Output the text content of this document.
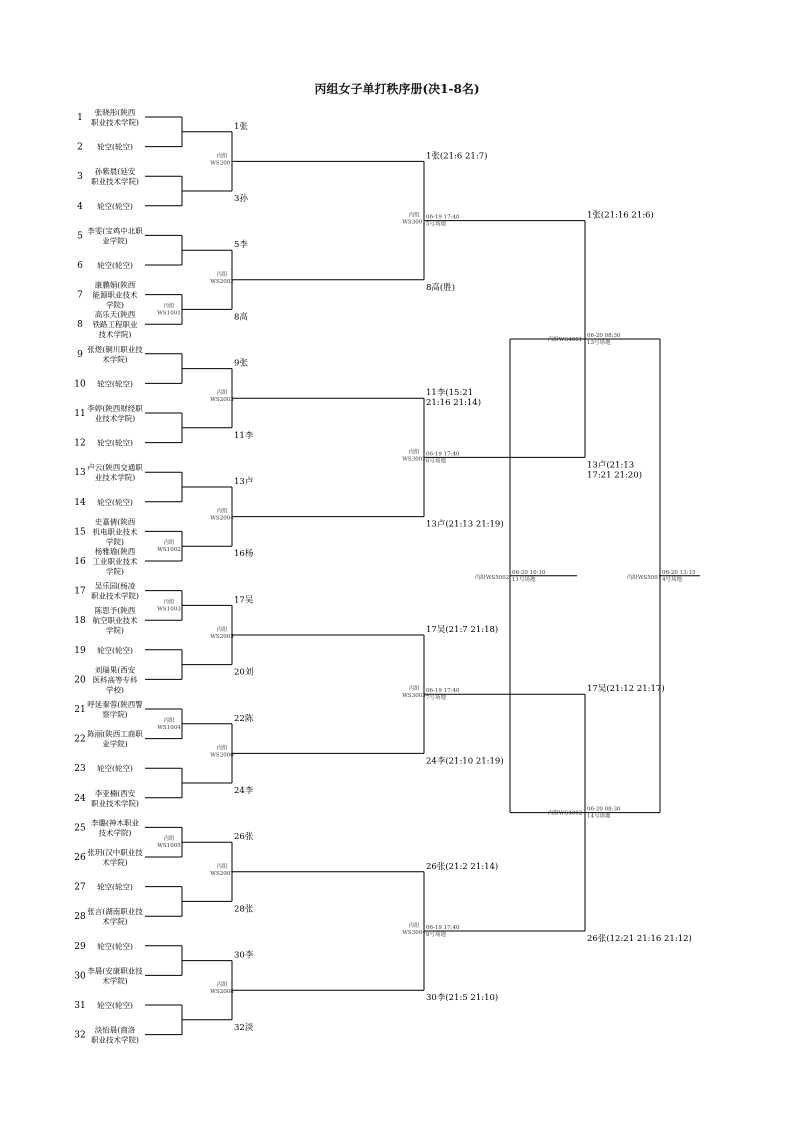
丙组女子单打秩序册(决1-8名)
1
张晓彤(陕西
职业技术学院)
2 轮空(轮空)
3
孙紫晨(延安
职业技术学院)
4 轮空(轮空)
5
李雯(宝鸡中北职
业学院)
6 轮空(轮空)
7
康鹏娟(陕西
能源职业技术
学院)
8
高乐天(陕西
铁路工程职业
技术学院)
9
张煜(铜川职业技
术学院)
10 轮空(轮空)
11
李婷(陕西财经职
业技术学院)
12 轮空(轮空)
13
卢云(陕西交通职
业技术学院)
14 轮空(轮空)
15
史嘉倩(陕西
机电职业技术
学院)
16
杨雅瑜(陕西
工业职业技术
学院)
17
吴乐园(杨凌
职业技术学院)
18
陈思予(陕西
航空职业技术
学院)
19 轮空(轮空)
20
刘瑞果(西安
医科高等专科
学校)
21
呼延秦蓉(陕西警
察学院)
22
陈丽(陕西工商职
业学院)
23 轮空(轮空)
24
李亚楠(西安
职业技术学院)
25
李璐(神木职业
技术学院)
26
张玥(汉中职业技
术学院)
27 轮空(轮空)
28
张言(湖南职业技
术学院)
29 轮空(轮空)
30
李晨(安康职业技
术学院)
31 轮空(轮空)
32
淡怡晨(商洛
职业技术学院)
丙组
WS1001
丙组
WS1002
丙组
WS1003
丙组
WS1004
丙组
WS1005
1张
3孙
丙组
WS2001
5李
8高
丙组
WS2002
9张
11李
丙组
WS2003
13卢
16杨
丙组
WS2004
17吴
20刘
丙组
WS2005
22陈
24李
丙组
WS2006
26张
28张
丙组
WS2007
30李
32淡
丙组
WS2008
1张(21:6 21:7)
8高(胜)
丙组
WS3001
06-19 17:40
5号场地
11李(15:21
21:16 21:14)
13卢(21:13 21:19)
丙组
WS3002
06-19 17:40
6号场地
17吴(21:7 21:18)
24李(21:10 21:19)
丙组
WS3003
06-19 17:40
7号场地
26张(21:2 21:14)
30李(21:5 21:10)
丙组
WS3004
06-19 17:40
8号场地
1张(21:16 21:6)
13卢(21:13
17:21 21:20)
丙组WS4001
06-20 08:30
13号场地
17吴(21:12 21:17)
26张(12:21 21:16 21:12)
丙组WS4002
06-20 08:30
14号场地
丙组WS5001
06-20 13:15
4号场地
丙组WS5002
06-20 10:10
11号场地
